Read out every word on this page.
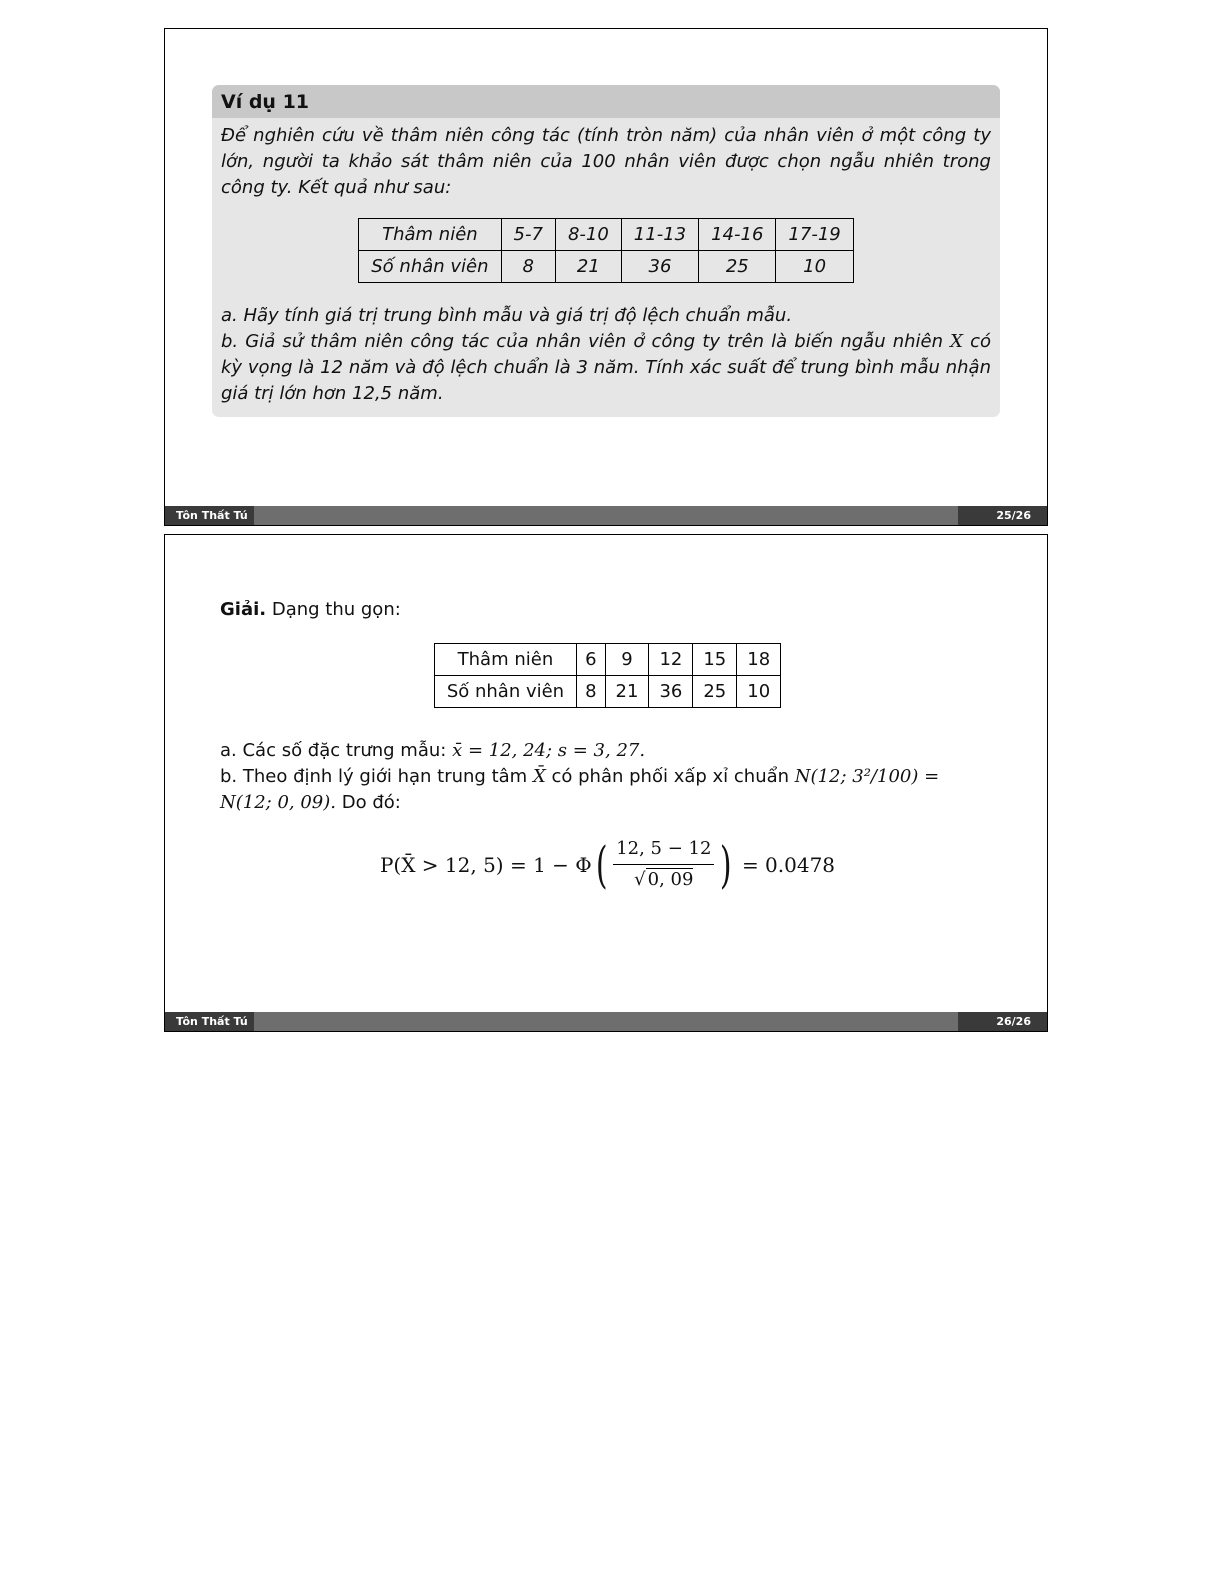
Ví dụ 11
Để nghiên cứu về thâm niên công tác (tính tròn năm) của nhân viên ở một công ty lớn, người ta khảo sát thâm niên của 100 nhân viên được chọn ngẫu nhiên trong công ty. Kết quả như sau:
Thâm niên	5-7	8-10	11-13	14-16	17-19
Số nhân viên	8	21	36	25	10
a. Hãy tính giá trị trung bình mẫu và giá trị độ lệch chuẩn mẫu.
b. Giả sử thâm niên công tác của nhân viên ở công ty trên là biến ngẫu nhiên X có kỳ vọng là 12 năm và độ lệch chuẩn là 3 năm. Tính xác suất để trung bình mẫu nhận giá trị lớn hơn 12,5 năm.
Tôn Thất Tú	25/26
Giải. Dạng thu gọn:
Thâm niên	6	9	12	15	18
Số nhân viên	8	21	36	25	10
a. Các số đặc trưng mẫu: x̄ = 12, 24; s = 3, 27.
b. Theo định lý giới hạn trung tâm X̄ có phân phối xấp xỉ chuẩn N(12; 3²/100) =
N(12; 0, 09). Do đó:
P(X̄ > 12, 5) = 1 − Φ ( $\frac{12, 5 - 12}{√ 0, 09}$ ) = 0.0478
Tôn Thất Tú	26/26
